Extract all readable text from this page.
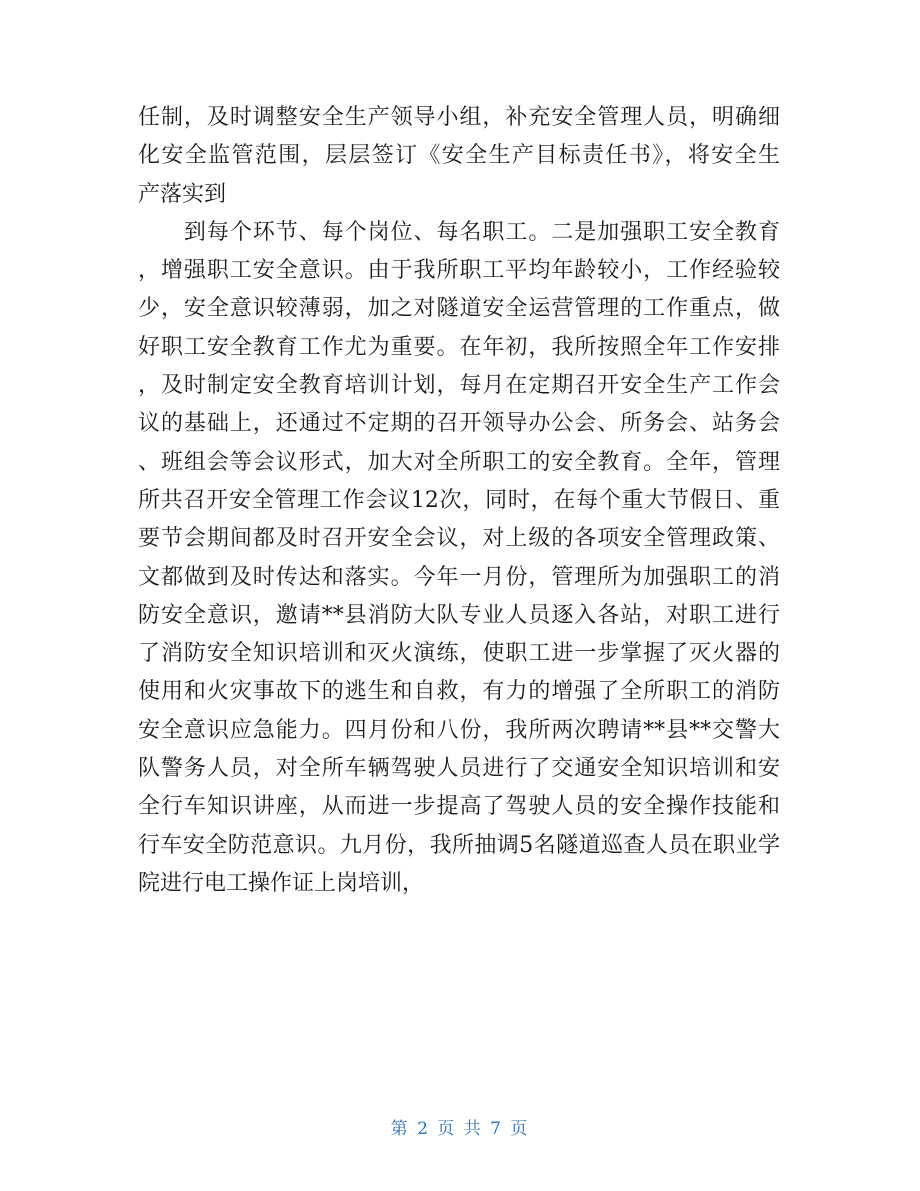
任制，及时调整安全生产领导小组，补充安全管理人员，明确细
化安全监管范围，层层签订《安全生产目标责任书》，将安全生
产落实到
　　到每个环节、每个岗位、每名职工。二是加强职工安全教育
，增强职工安全意识。由于我所职工平均年龄较小，工作经验较
少，安全意识较薄弱，加之对隧道安全运营管理的工作重点，做
好职工安全教育工作尤为重要。在年初，我所按照全年工作安排
，及时制定安全教育培训计划，每月在定期召开安全生产工作会
议的基础上，还通过不定期的召开领导办公会、所务会、站务会
、班组会等会议形式，加大对全所职工的安全教育。全年，管理
所共召开安全管理工作会议12次，同时，在每个重大节假日、重
要节会期间都及时召开安全会议，对上级的各项安全管理政策、
文都做到及时传达和落实。今年一月份，管理所为加强职工的消
防安全意识，邀请**县消防大队专业人员逐入各站，对职工进行
了消防安全知识培训和灭火演练，使职工进一步掌握了灭火器的
使用和火灾事故下的逃生和自救，有力的增强了全所职工的消防
安全意识应急能力。四月份和八份，我所两次聘请**县**交警大
队警务人员，对全所车辆驾驶人员进行了交通安全知识培训和安
全行车知识讲座，从而进一步提高了驾驶人员的安全操作技能和
行车安全防范意识。九月份，我所抽调5名隧道巡查人员在职业学
院进行电工操作证上岗培训，
第 2 页 共 7 页
